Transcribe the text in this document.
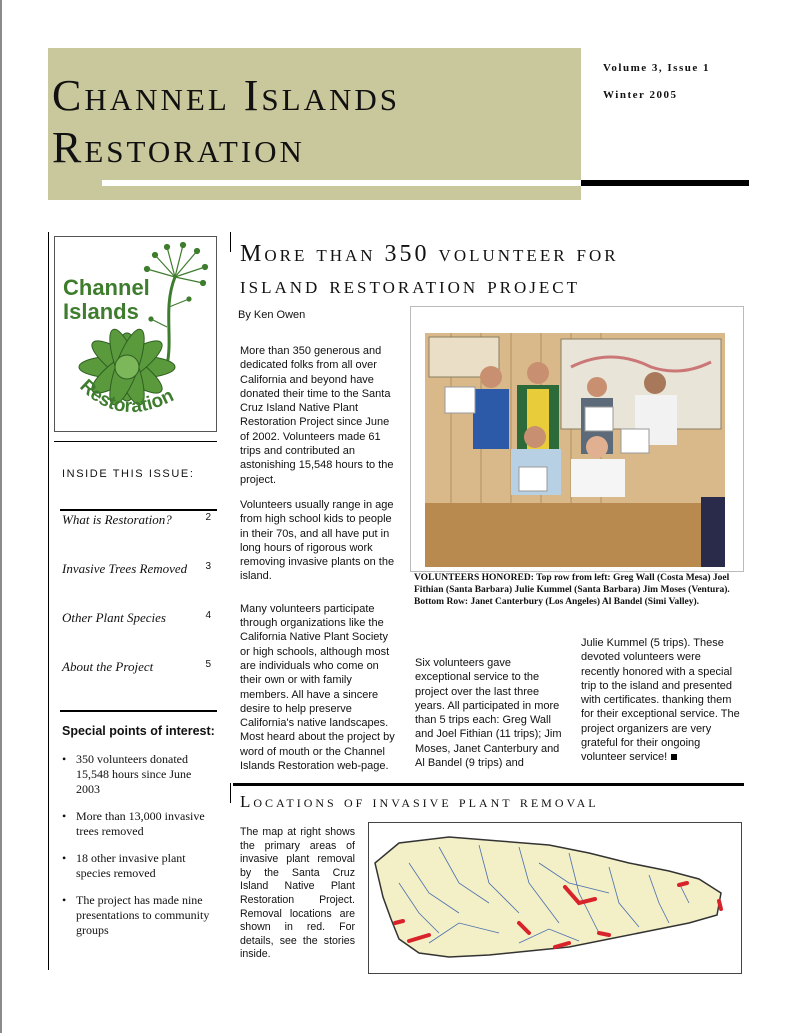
Channel Islands
Restoration
Volume 3, Issue 1
Winter 2005
Channel
Islands
Restoration
INSIDE THIS ISSUE:
What is Restoration?	2
Invasive Trees Removed 3
Other Plant Species	4
About the Project	5
Special points of interest:
• 350 volunteers donated 15,548 hours since June 2003
• More than 13,000 invasive trees removed
• 18 other invasive plant species removed
• The project has made nine presentations to community groups
More than 350 volunteer for
island restoration project
By Ken Owen

More than 350 generous and dedicated folks from all over California and beyond have donated their time to the Santa Cruz Island Native Plant Restoration Project since June of 2002. Volunteers made 61 trips and contributed an astonishing 15,548 hours to the project.

Volunteers usually range in age from high school kids to people in their 70s, and all have put in long hours of rigorous work removing invasive plants on the island.

Many volunteers participate through organizations like the California Native Plant Society or high schools, although most are individuals who come on their own or with family members. All have a sincere desire to help preserve California's native landscapes. Most heard about the project by word of mouth or the Channel Islands Restoration web-page.

VOLUNTEERS HONORED: Top row from left: Greg Wall (Costa Mesa) Joel Fithian (Santa Barbara) Julie Kummel (Santa Barbara) Jim Moses (Ventura). Bottom Row: Janet Canterbury (Los Angeles) Al Bandel (Simi Valley).
Six volunteers gave exceptional service to the project over the last three years. All participated in more than 5 trips each: Greg Wall and Joel Fithian (11 trips); Jim Moses, Janet Canterbury and Al Bandel (9 trips) and
Julie Kummel (5 trips). These devoted volunteers were recently honored with a special trip to the island and presented with certificates. thanking them for their exceptional service. The project organizers are very grateful for their ongoing volunteer service!
Locations of invasive plant removal
The map at right shows the primary areas of invasive plant removal by the Santa Cruz Island Native Plant Restoration Project. Removal locations are shown in red. For details, see the stories inside.
